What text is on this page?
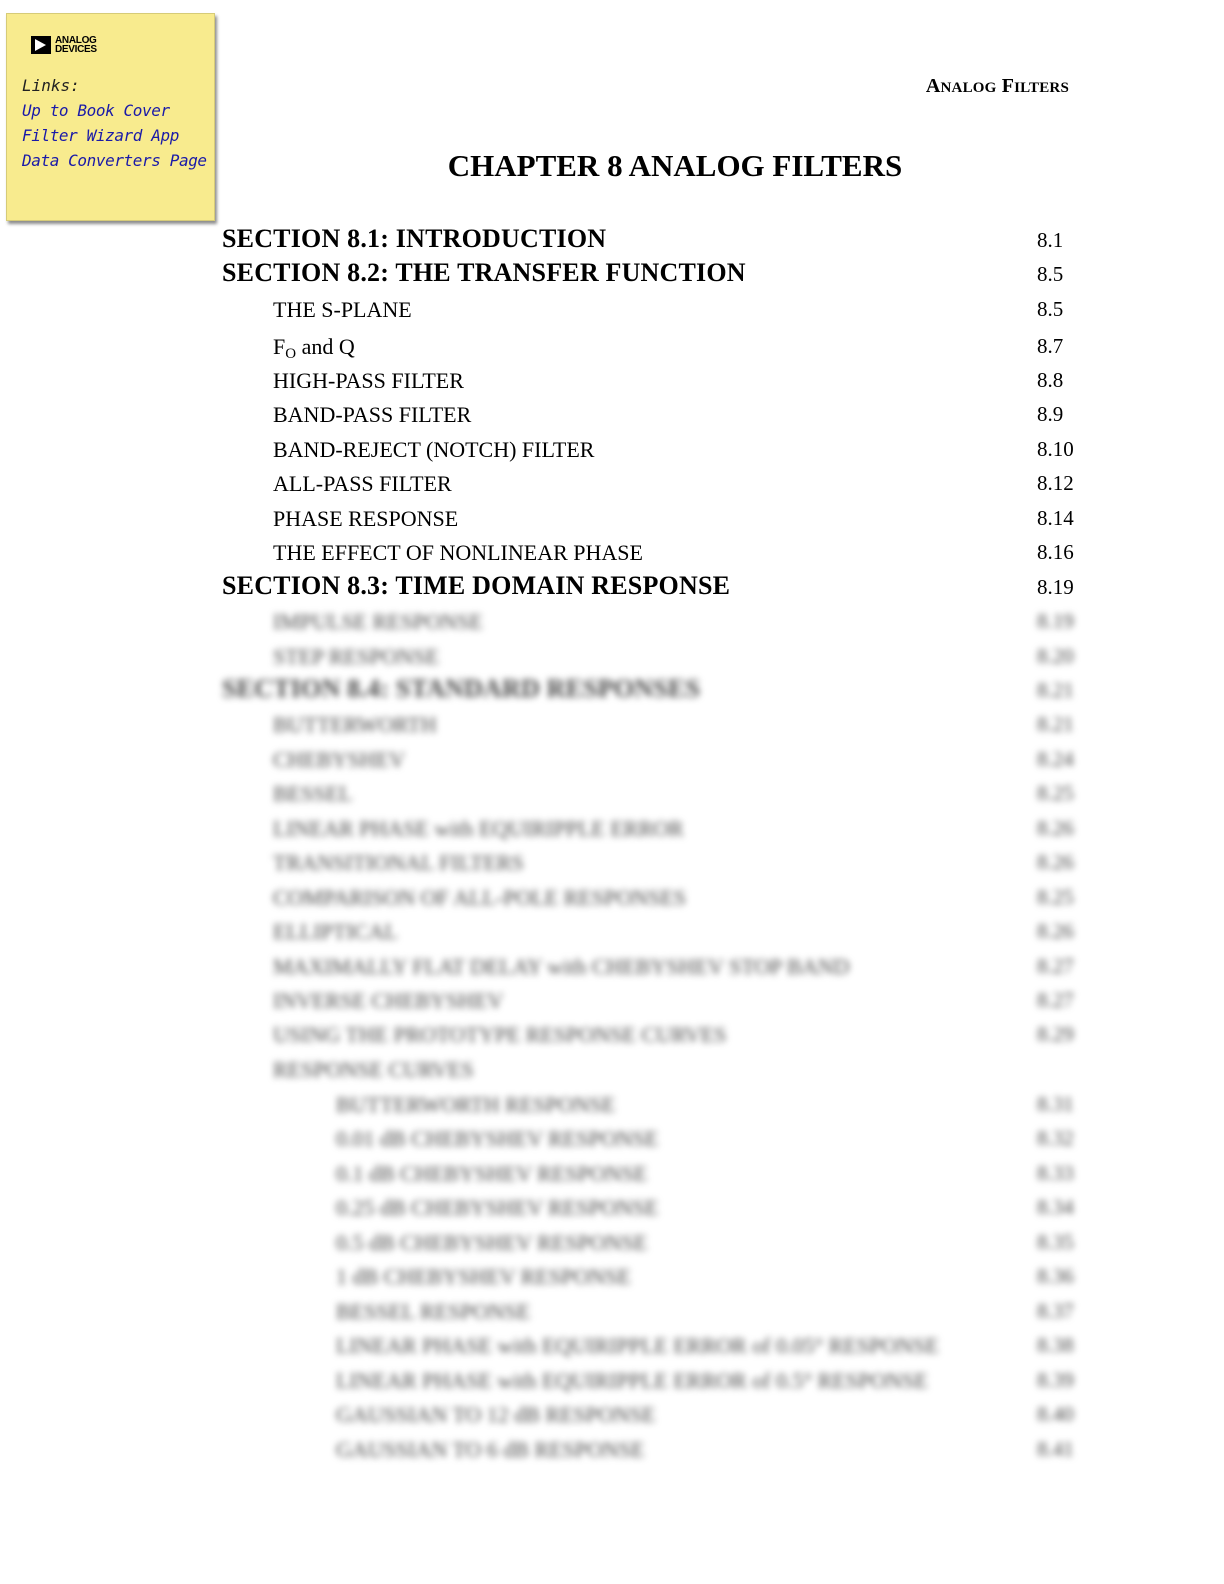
ANALOG
DEVICES
Links:
Up to Book Cover
Filter Wizard App
Data Converters Page
ANALOG FILTERS
CHAPTER 8 ANALOG FILTERS
SECTION 8.1: INTRODUCTION	8.1
SECTION 8.2: THE TRANSFER FUNCTION	8.5
THE S-PLANE	8.5
$F_O$ and Q	8.7
HIGH-PASS FILTER	8.8
BAND-PASS FILTER	8.9
BAND-REJECT (NOTCH) FILTER	8.10
ALL-PASS FILTER	8.12
PHASE RESPONSE	8.14
THE EFFECT OF NONLINEAR PHASE	8.16
SECTION 8.3: TIME DOMAIN RESPONSE	8.19
IMPULSE RESPONSE	8.19
STEP RESPONSE	8.20
SECTION 8.4: STANDARD RESPONSES	8.21
BUTTERWORTH	8.21
CHEBYSHEV	8.24
BESSEL	8.25
LINEAR PHASE with EQUIRIPPLE ERROR	8.26
TRANSITIONAL FILTERS	8.26
COMPARISON OF ALL-POLE RESPONSES	8.25
ELLIPTICAL	8.26
MAXIMALLY FLAT DELAY with CHEBYSHEV STOP BAND	8.27
INVERSE CHEBYSHEV	8.27
USING THE PROTOTYPE RESPONSE CURVES	8.29
RESPONSE CURVES
BUTTERWORTH RESPONSE	8.31
0.01 dB CHEBYSHEV RESPONSE	8.32
0.1 dB CHEBYSHEV RESPONSE	8.33
0.25 dB CHEBYSHEV RESPONSE	8.34
0.5 dB CHEBYSHEV RESPONSE	8.35
1 dB CHEBYSHEV RESPONSE	8.36
BESSEL RESPONSE	8.37
LINEAR PHASE with EQUIRIPPLE ERROR of 0.05° RESPONSE	8.38
LINEAR PHASE with EQUIRIPPLE ERROR of 0.5° RESPONSE	8.39
GAUSSIAN TO 12 dB RESPONSE	8.40
GAUSSIAN TO 6 dB RESPONSE	8.41
